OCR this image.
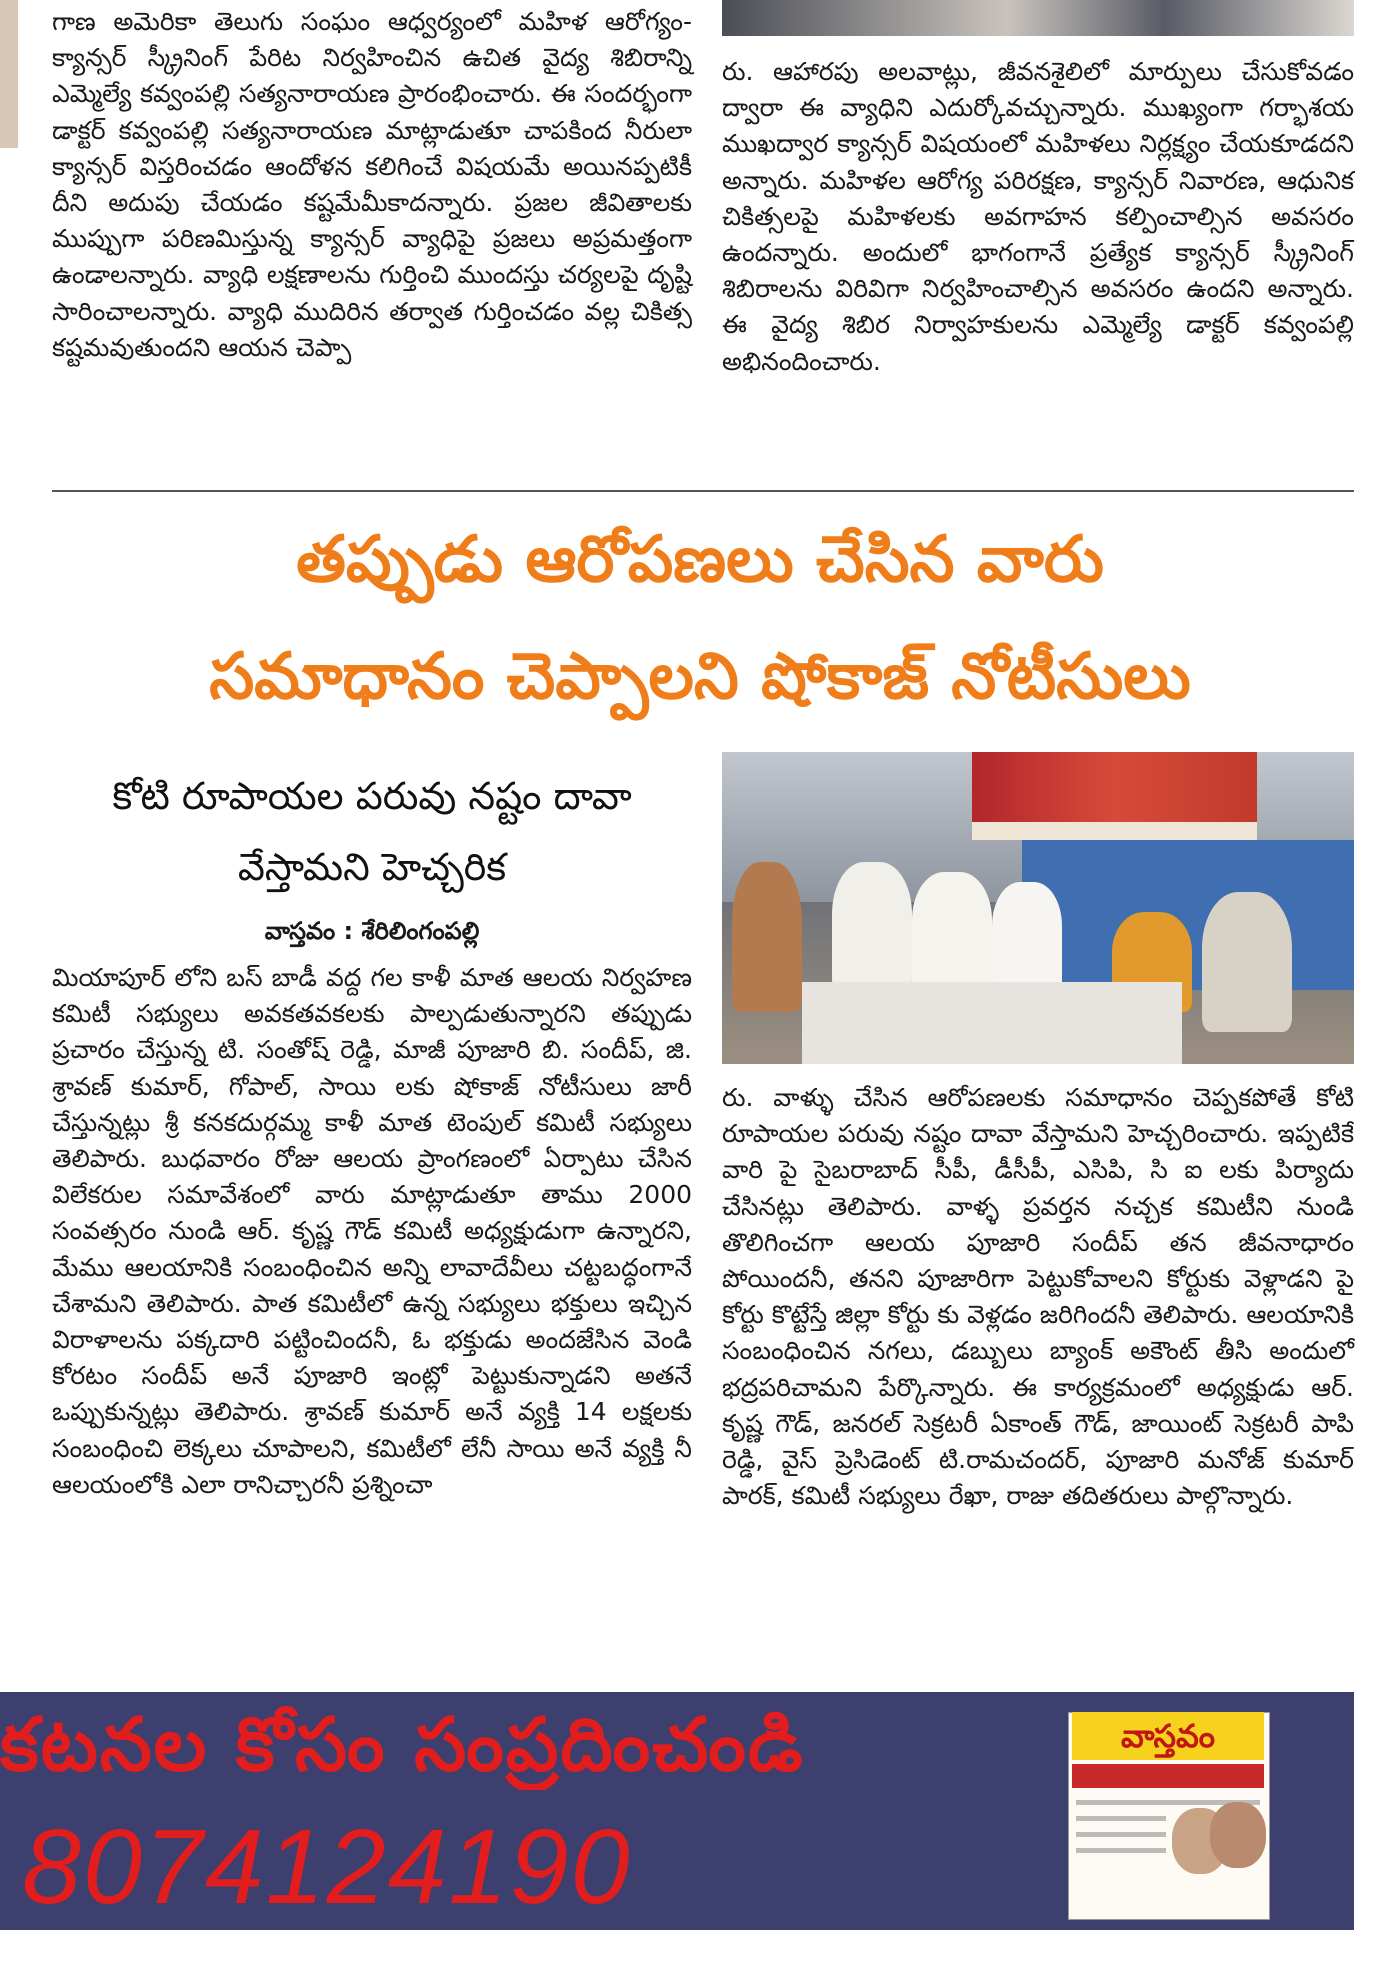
గాణ అమెరికా తెలుగు సంఘం ఆధ్వర్యంలో మహిళ ఆరోగ్యం- క్యాన్సర్ స్క్రీనింగ్ పేరిట నిర్వహించిన ఉచిత వైద్య శిబిరాన్ని ఎమ్మెల్యే కవ్వంపల్లి సత్యనారాయణ ప్రారంభించారు. ఈ సందర్భంగా డాక్టర్ కవ్వంపల్లి సత్యనారాయణ మాట్లాడుతూ చాపకింద నీరులా క్యాన్సర్ విస్తరించడం ఆందోళన కలిగించే విషయమే అయినప్పటికీ దీని అదుపు చేయడం కష్టమేమీకాదన్నారు. ప్రజల జీవితాలకు ముప్పుగా పరిణమిస్తున్న క్యాన్సర్ వ్యాధిపై ప్రజలు అప్రమత్తంగా ఉండాలన్నారు. వ్యాధి లక్షణాలను గుర్తించి ముందస్తు చర్యలపై దృష్టి సారించాలన్నారు. వ్యాధి ముదిరిన తర్వాత గుర్తించడం వల్ల చికిత్స కష్టమవుతుందని ఆయన చెప్పా

రు. ఆహారపు అలవాట్లు, జీవనశైలిలో మార్పులు చేసుకోవడం ద్వారా ఈ వ్యాధిని ఎదుర్కోవచ్చున్నారు. ముఖ్యంగా గర్భాశయ ముఖద్వార క్యాన్సర్ విషయంలో మహిళలు నిర్లక్ష్యం చేయకూడదని అన్నారు. మహిళల ఆరోగ్య పరిరక్షణ, క్యాన్సర్ నివారణ, ఆధునిక చికిత్సలపై మహిళలకు అవగాహన కల్పించాల్సిన అవసరం ఉందన్నారు. అందులో భాగంగానే ప్రత్యేక క్యాన్సర్ స్క్రీనింగ్ శిబిరాలను విరివిగా నిర్వహించాల్సిన అవసరం ఉందని అన్నారు. ఈ వైద్య శిబిర నిర్వాహకులను ఎమ్మెల్యే డాక్టర్ కవ్వంపల్లి అభినందించారు.

తప్పుడు ఆరోపణలు చేసిన వారు
సమాధానం చెప్పాలని షోకాజ్ నోటీసులు
కోటి రూపాయల పరువు నష్టం దావా
వేస్తామని హెచ్చరిక
వాస్తవం : శేరిలింగంపల్లి

మియాపూర్ లోని బస్ బాడీ వద్ద గల కాళీ మాత ఆలయ నిర్వహణ కమిటీ సభ్యులు అవకతవకలకు పాల్పడుతున్నారని తప్పుడు ప్రచారం చేస్తున్న టి. సంతోష్ రెడ్డి, మాజీ పూజారి బి. సందీప్, జి. శ్రావణ్ కుమార్, గోపాల్, సాయి లకు షోకాజ్ నోటీసులు జారీ చేస్తున్నట్లు శ్రీ కనకదుర్గమ్మ కాళీ మాత టెంపుల్ కమిటీ సభ్యులు తెలిపారు. బుధవారం రోజు ఆలయ ప్రాంగణంలో ఏర్పాటు చేసిన విలేకరుల సమావేశంలో వారు మాట్లాడుతూ తాము 2000 సంవత్సరం నుండి ఆర్. కృష్ణ గౌడ్ కమిటీ అధ్యక్షుడుగా ఉన్నారని, మేము ఆలయానికి సంబంధించిన అన్ని లావాదేవీలు చట్టబద్ధంగానే చేశామని తెలిపారు. పాత కమిటీలో ఉన్న సభ్యులు భక్తులు ఇచ్చిన విరాళాలను పక్కదారి పట్టించిందనీ, ఓ భక్తుడు అందజేసిన వెండి కోరటం సందీప్ అనే పూజారి ఇంట్లో పెట్టుకున్నాడని అతనే ఒప్పుకున్నట్లు తెలిపారు. శ్రావణ్ కుమార్ అనే వ్యక్తి 14 లక్షలకు సంబంధించి లెక్కలు చూపాలని, కమిటీలో లేనీ సాయి అనే వ్యక్తి నీ ఆలయంలోకి ఎలా రానిచ్చారనీ ప్రశ్నించా

రు. వాళ్ళు చేసిన ఆరోపణలకు సమాధానం చెప్పకపోతే కోటి రూపాయల పరువు నష్టం దావా వేస్తామని హెచ్చరించారు. ఇప్పటికే వారి పై సైబరాబాద్ సీపీ, డీసీపీ, ఎసిపి, సి ఐ లకు పిర్యాదు చేసినట్లు తెలిపారు. వాళ్ళ ప్రవర్తన నచ్చక కమిటీని నుండి తొలిగించగా ఆలయ పూజారి సందీప్ తన జీవనాధారం పోయిందనీ, తనని పూజారిగా పెట్టుకోవాలని కోర్టుకు వెళ్లాడని పై కోర్టు కొట్టేస్తే జిల్లా కోర్టు కు వెళ్లడం జరిగిందనీ తెలిపారు. ఆలయానికి సంబంధించిన నగలు, డబ్బులు బ్యాంక్ అకౌంట్ తీసి అందులో భద్రపరిచామని పేర్కొన్నారు. ఈ కార్యక్రమంలో అధ్యక్షుడు ఆర్. కృష్ణ గౌడ్, జనరల్ సెక్రటరీ ఏకాంత్ గౌడ్, జాయింట్ సెక్రటరీ పాపి రెడ్డి, వైస్ ప్రెసిడెంట్ టి.రామచందర్, పూజారి మనోజ్ కుమార్ పారక్, కమిటీ సభ్యులు రేఖా, రాజు తదితరులు పాల్గొన్నారు.

కటనల కోసం సంప్రదించండి
8074124190
వాస్తవం
